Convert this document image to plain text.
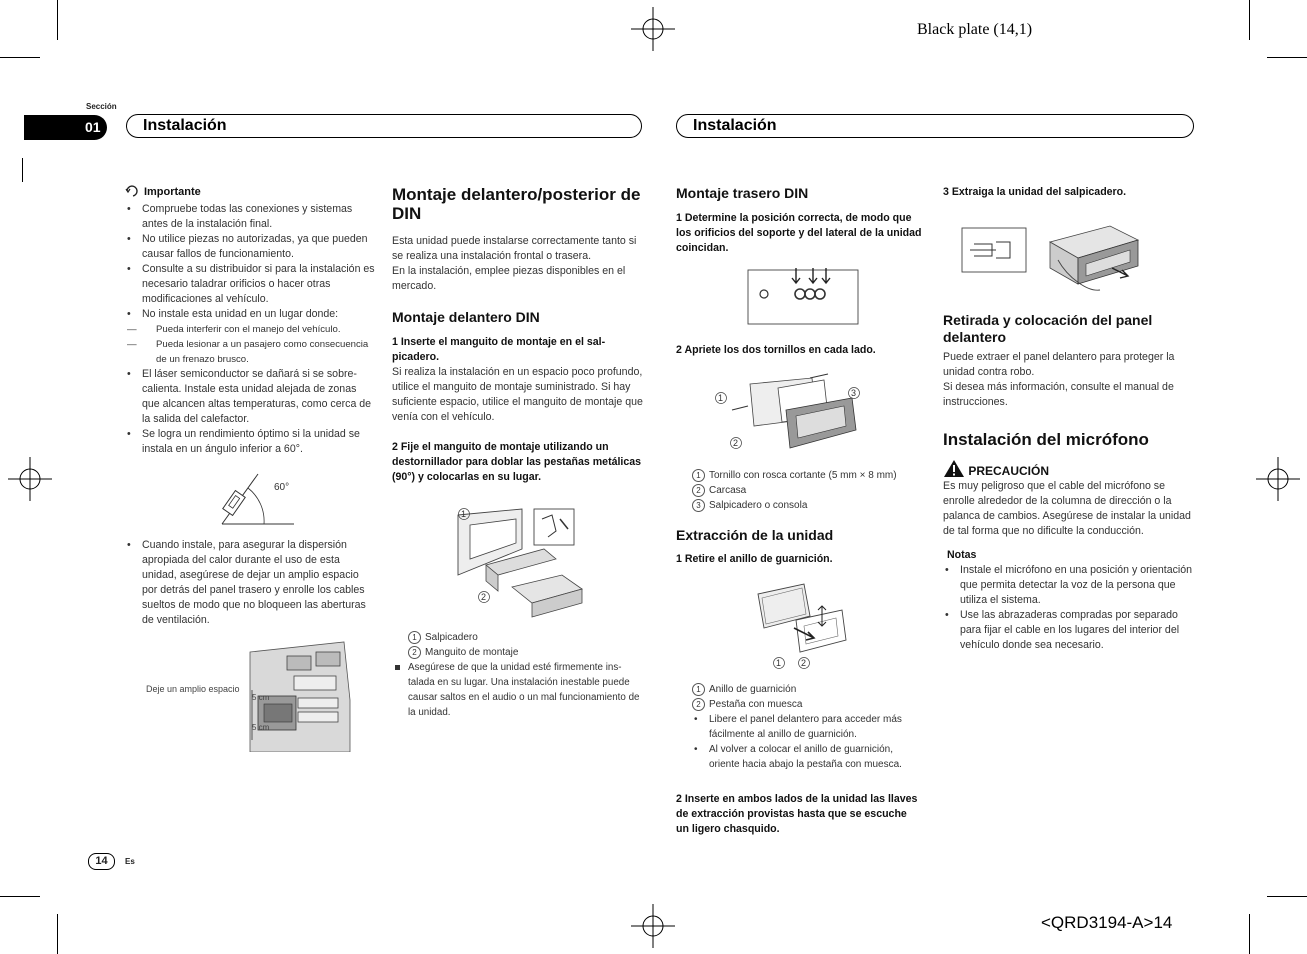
Black plate (14,1)
<QRD3194-A>14
Sección
01	Instalación	Instalación
Importante
• Compruebe todas las conexiones y sistemas antes de la instalación final.
• No utilice piezas no autorizadas, ya que pueden causar fallos de funcionamiento.
• Consulte a su distribuidor si para la instalación es necesario taladrar orificios o hacer otras modificaciones al vehículo.
• No instale esta unidad en un lugar donde:
— Pueda interferir con el manejo del vehículo.
— Pueda lesionar a un pasajero como consecuencia de un frenazo brusco.
• El láser semiconductor se dañará si se sobrecalienta. Instale esta unidad alejada de zonas que alcancen altas temperaturas, como cerca de la salida del calefactor.
• Se logra un rendimiento óptimo si la unidad se instala en un ángulo inferior a 60°.
60°
• Cuando instale, para asegurar la dispersión apropiada del calor durante el uso de esta unidad, asegúrese de dejar un amplio espacio por detrás del panel trasero y enrolle los cables sueltos de modo que no bloqueen las aberturas de ventilación.
Deje un amplio espacio
5 cm
5 cm

Montaje delantero/posterior de DIN

Esta unidad puede instalarse correctamente tanto si se realiza una instalación frontal o trasera.

En la instalación, emplee piezas disponibles en el mercado.

Montaje delantero DIN

1 Inserte el manguito de montaje en el salpicadero.

Si realiza la instalación en un espacio poco profundo, utilice el manguito de montaje suministrado. Si hay suficiente espacio, utilice el manguito de montaje que venía con el vehículo.

2 Fije el manguito de montaje utilizando un destornillador para doblar las pestañas metálicas (90°) y colocarlas en su lugar.

1
2
1 Salpicadero
2 Manguito de montaje
Asegúrese de que la unidad esté firmemente instalada en su lugar. Una instalación inestable puede causar saltos en el audio o un mal funcionamiento de la unidad.

Montaje trasero DIN

1 Determine la posición correcta, de modo que los orificios del soporte y del lateral de la unidad coincidan.

2 Apriete los dos tornillos en cada lado.

1
2
3
1 Tornillo con rosca cortante (5 mm × 8 mm)
2 Carcasa
3 Salpicadero o consola

Extracción de la unidad

1 Retire el anillo de guarnición.

1 2
1 Anillo de guarnición
2 Pestaña con muesca
• Libere el panel delantero para acceder más fácilmente al anillo de guarnición.
• Al volver a colocar el anillo de guarnición, oriente hacia abajo la pestaña con muesca.

2 Inserte en ambos lados de la unidad las llaves de extracción provistas hasta que se escuche un ligero chasquido.

3 Extraiga la unidad del salpicadero.

Retirada y colocación del panel delantero

Puede extraer el panel delantero para proteger la unidad contra robo.

Si desea más información, consulte el manual de instrucciones.

Instalación del micrófono

PRECAUCIÓN

Es muy peligroso que el cable del micrófono se enrolle alrededor de la columna de dirección o la palanca de cambios. Asegúrese de instalar la unidad de tal forma que no dificulte la conducción.

Notas

• Instale el micrófono en una posición y orientación que permita detectar la voz de la persona que utiliza el sistema.
• Use las abrazaderas compradas por separado para fijar el cable en los lugares del interior del vehículo donde sea necesario.
14	Es
